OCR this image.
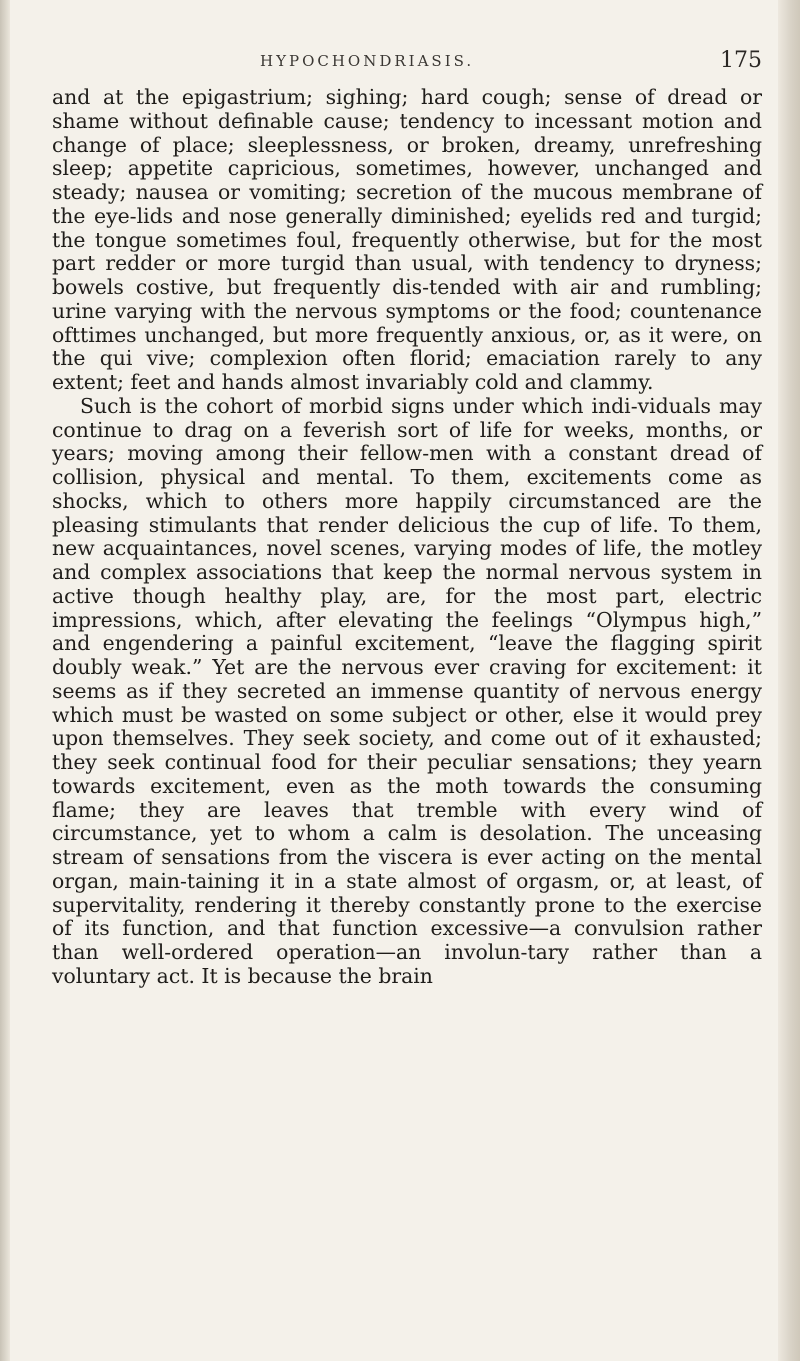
HYPOCHONDRIASIS.	175

and at the epigastrium; sighing; hard cough; sense of dread or shame without definable cause; tendency to incessant motion and change of place; sleeplessness, or broken, dreamy, unrefreshing sleep; appetite capricious, sometimes, however, unchanged and steady; nausea or vomiting; secretion of the mucous membrane of the eye-lids and nose generally diminished; eyelids red and turgid; the tongue sometimes foul, frequently otherwise, but for the most part redder or more turgid than usual, with tendency to dryness; bowels costive, but frequently dis-tended with air and rumbling; urine varying with the nervous symptoms or the food; countenance ofttimes unchanged, but more frequently anxious, or, as it were, on the qui vive; complexion often florid; emaciation rarely to any extent; feet and hands almost invariably cold and clammy.

Such is the cohort of morbid signs under which indi-viduals may continue to drag on a feverish sort of life for weeks, months, or years; moving among their fellow-men with a constant dread of collision, physical and mental. To them, excitements come as shocks, which to others more happily circumstanced are the pleasing stimulants that render delicious the cup of life. To them, new acquaintances, novel scenes, varying modes of life, the motley and complex associations that keep the normal nervous system in active though healthy play, are, for the most part, electric impressions, which, after elevating the feelings “Olympus high,” and engendering a painful excitement, “leave the flagging spirit doubly weak.” Yet are the nervous ever craving for excitement: it seems as if they secreted an immense quantity of nervous energy which must be wasted on some subject or other, else it would prey upon themselves. They seek society, and come out of it exhausted; they seek continual food for their peculiar sensations; they yearn towards excitement, even as the moth towards the consuming flame; they are leaves that tremble with every wind of circumstance, yet to whom a calm is desolation. The unceasing stream of sensations from the viscera is ever acting on the mental organ, main-taining it in a state almost of orgasm, or, at least, of supervitality, rendering it thereby constantly prone to the exercise of its function, and that function excessive—a convulsion rather than well-ordered operation—an involun-tary rather than a voluntary act. It is because the brain
